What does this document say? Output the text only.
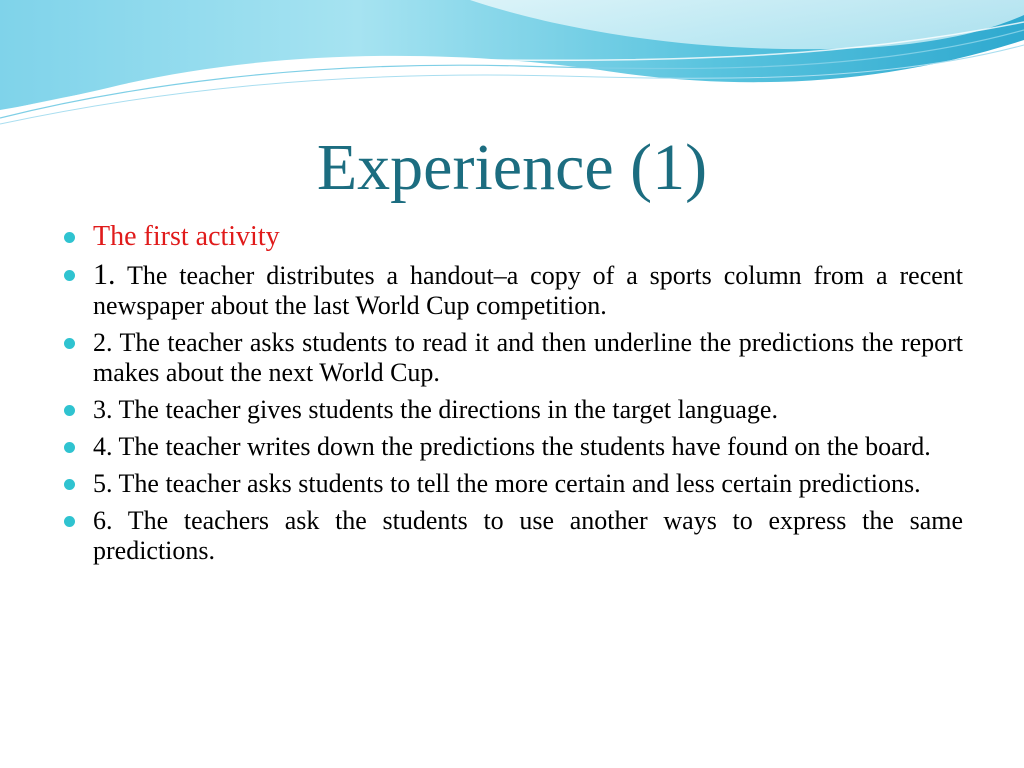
Experience (1)
The first activity
1. The teacher distributes a handout–a copy of a sports column from a recent newspaper about the last World Cup competition.
2. The teacher asks students to read it and then underline the predictions the report makes about the next World Cup.
3. The teacher gives students the directions in the target language.
4. The teacher writes down the predictions the students have found on the board.
5. The teacher asks students to tell the more certain and less certain predictions.
6. The teachers ask the students to use another ways to express the same predictions.
